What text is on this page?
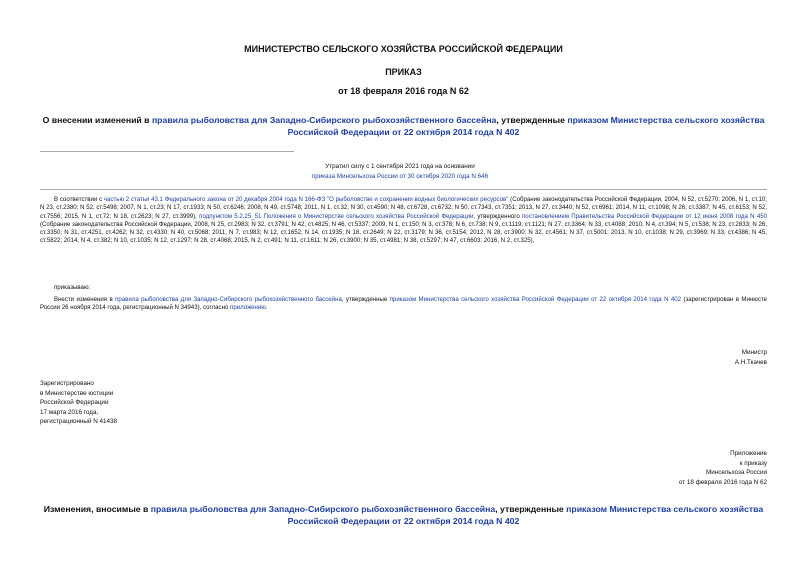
МИНИСТЕРСТВО СЕЛЬСКОГО ХОЗЯЙСТВА РОССИЙСКОЙ ФЕДЕРАЦИИ
ПРИКАЗ
от 18 февраля 2016 года N 62
О внесении изменений в правила рыболовства для Западно-Сибирского рыбохозяйственного бассейна, утвержденные приказом Министерства сельского хозяйства Российской Федерации от 22 октября 2014 года N 402
Утратил силу с 1 сентября 2021 года на основании
приказа Минсельхоза России от 30 октября 2020 года N 646
В соответствии с частью 2 статьи 43.1 Федерального закона от 20 декабря 2004 года N 166-ФЗ "О рыболовстве и сохранении водных биологических ресурсов" (Собрание законодательства Российской Федерации, 2004, N 52, ст.5270; 2006, N 1, ст.10; N 23, ст.2380; N 52, ст.5498; 2007, N 1, ст.23; N 17, ст.1933; N 50, ст.6246; 2008, N 49, ст.5748; 2011, N 1, ст.32; N 30, ст.4590; N 48, ст.6728, ст.6732; N 50, ст.7343, ст.7351; 2013, N 27, ст.3440; N 52, ст.6961; 2014, N 11, ст.1098; N 26, ст.3387; N 45, ст.6153; N 52, ст.7556; 2015, N 1, ст.72; N 18, ст.2623; N 27, ст.3999), подпунктом 5.2.25_51 Положения о Министерстве сельского хозяйства Российской Федерации, утвержденного постановлением Правительства Российской Федерации от 12 июня 2008 года N 450 (Собрание законодательства Российской Федерации, 2008, N 25, ст.2983; N 32, ст.3791; N 42, ст.4825; N 46, ст.5337; 2009, N 1, ст.150; N 3, ст.378; N 6, ст.738; N 9, ст.1119, ст.1121; N 27, ст.3364; N 33, ст.4088; 2010, N 4, ст.394; N 5, ст.538; N 23, ст.2833; N 26, ст.3350; N 31, ст.4251, ст.4262; N 32, ст.4330; N 40, ст.5068; 2011, N 7, ст.983; N 12, ст.1652; N 14, ст.1935; N 18, ст.2649; N 22, ст.3179; N 36, ст.5154; 2012, N 28, ст.3900; N 32, ст.4561; N 37, ст.5001; 2013, N 10, ст.1038; N 29, ст.3969; N 33, ст.4386; N 45, ст.5822; 2014, N 4, ст.382; N 10, ст.1035; N 12, ст.1297; N 28, ст.4068; 2015, N 2, ст.491; N 11, ст.1611; N 26, ст.3900; N 35, ст.4981; N 38, ст.5297; N 47, ст.6603; 2016, N 2, ст.325),
приказываю:
Внести изменения в правила рыболовства для Западно-Сибирского рыбохозяйственного бассейна, утвержденные приказом Министерства сельского хозяйства Российской Федерации от 22 октября 2014 года N 402 (зарегистрирован в Минюсте России 26 ноября 2014 года, регистрационный N 34943), согласно приложению.
Министр
А.Н.Ткачев
Зарегистрировано
в Министерстве юстиции
Российской Федерации
17 марта 2016 года,
регистрационный N 41438
Приложение
к приказу
Минсельхоза России
от 18 февраля 2016 года N 62
Изменения, вносимые в правила рыболовства для Западно-Сибирского рыбохозяйственного бассейна, утвержденные приказом Министерства сельского хозяйства Российской Федерации от 22 октября 2014 года N 402
